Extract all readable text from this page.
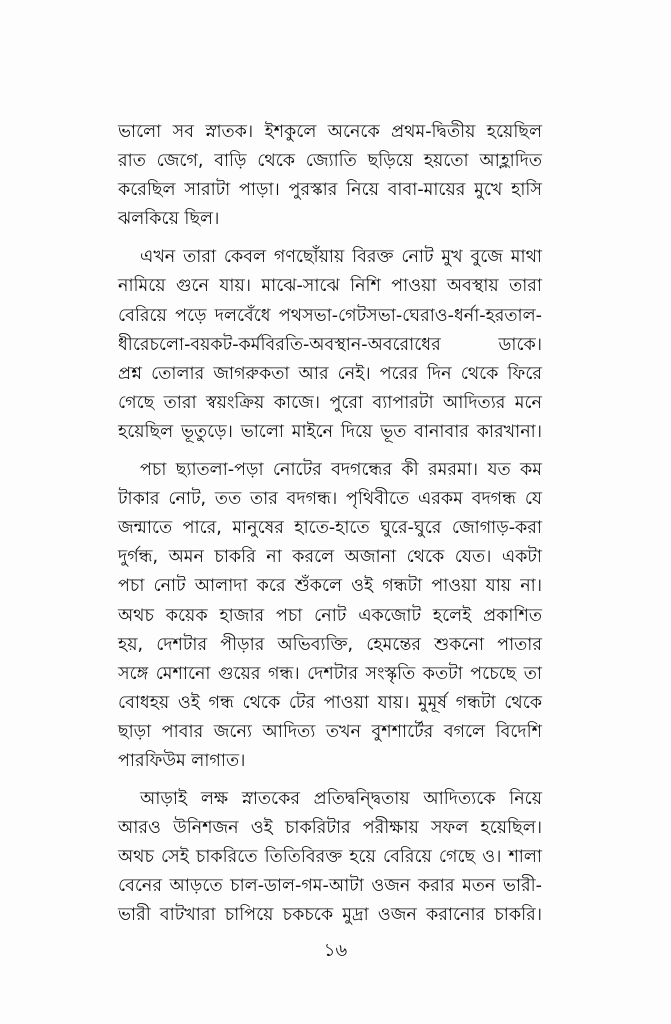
ভালো সব স্নাতক। ইশকুলে অনেকে প্রথম-দ্বিতীয় হয়েছিল
রাত জেগে, বাড়ি থেকে জ্যোতি ছড়িয়ে হয়তো আহ্লাদিত
করেছিল সারাটা পাড়া। পুরস্কার নিয়ে বাবা-মায়ের মুখে হাসি
ঝলকিয়ে ছিল।

এখন তারা কেবল গণছোঁয়ায় বিরক্ত নোট মুখ বুজে মাথা
নামিয়ে গুনে যায়। মাঝে-সাঝে নিশি পাওয়া অবস্থায় তারা
বেরিয়ে পড়ে দলবেঁধে পথসভা-গেটসভা-ঘেরাও-ধর্না-হরতাল-
ধীরেচলো-বয়কট-কর্মবিরতি-অবস্থান-অবরোধের ডাকে।
প্রশ্ন তোলার জাগরুকতা আর নেই। পরের দিন থেকে ফিরে
গেছে তারা স্বয়ংক্রিয় কাজে। পুরো ব্যাপারটা আদিত্যর মনে
হয়েছিল ভূতুড়ে। ভালো মাইনে দিয়ে ভূত বানাবার কারখানা।

পচা ছ্যাতলা-পড়া নোটের বদগন্ধের কী রমরমা। যত কম
টাকার নোট, তত তার বদগন্ধ। পৃথিবীতে এরকম বদগন্ধ যে
জন্মাতে পারে, মানুষের হাতে-হাতে ঘুরে-ঘুরে জোগাড়-করা
দুর্গন্ধ, অমন চাকরি না করলে অজানা থেকে যেত। একটা
পচা নোট আলাদা করে শুঁকলে ওই গন্ধটা পাওয়া যায় না।
অথচ কয়েক হাজার পচা নোট একজোট হলেই প্রকাশিত
হয়, দেশটার পীড়ার অভিব্যক্তি, হেমন্তের শুকনো পাতার
সঙ্গে মেশানো গুয়ের গন্ধ। দেশটার সংস্কৃতি কতটা পচেছে তা
বোধহয় ওই গন্ধ থেকে টের পাওয়া যায়। মুমূর্ষ গন্ধটা থেকে
ছাড়া পাবার জন্যে আদিত্য তখন বুশশার্টের বগলে বিদেশি
পারফিউম লাগাত।

আড়াই লক্ষ স্নাতকের প্রতিদ্বন্দ্বিতায় আদিত্যকে নিয়ে
আরও উনিশজন ওই চাকরিটার পরীক্ষায় সফল হয়েছিল।
অথচ সেই চাকরিতে তিতিবিরক্ত হয়ে বেরিয়ে গেছে ও। শালা
বেনের আড়তে চাল-ডাল-গম-আটা ওজন করার মতন ভারী-
ভারী বাটখারা চাপিয়ে চকচকে মুদ্রা ওজন করানোর চাকরি।

১৬
